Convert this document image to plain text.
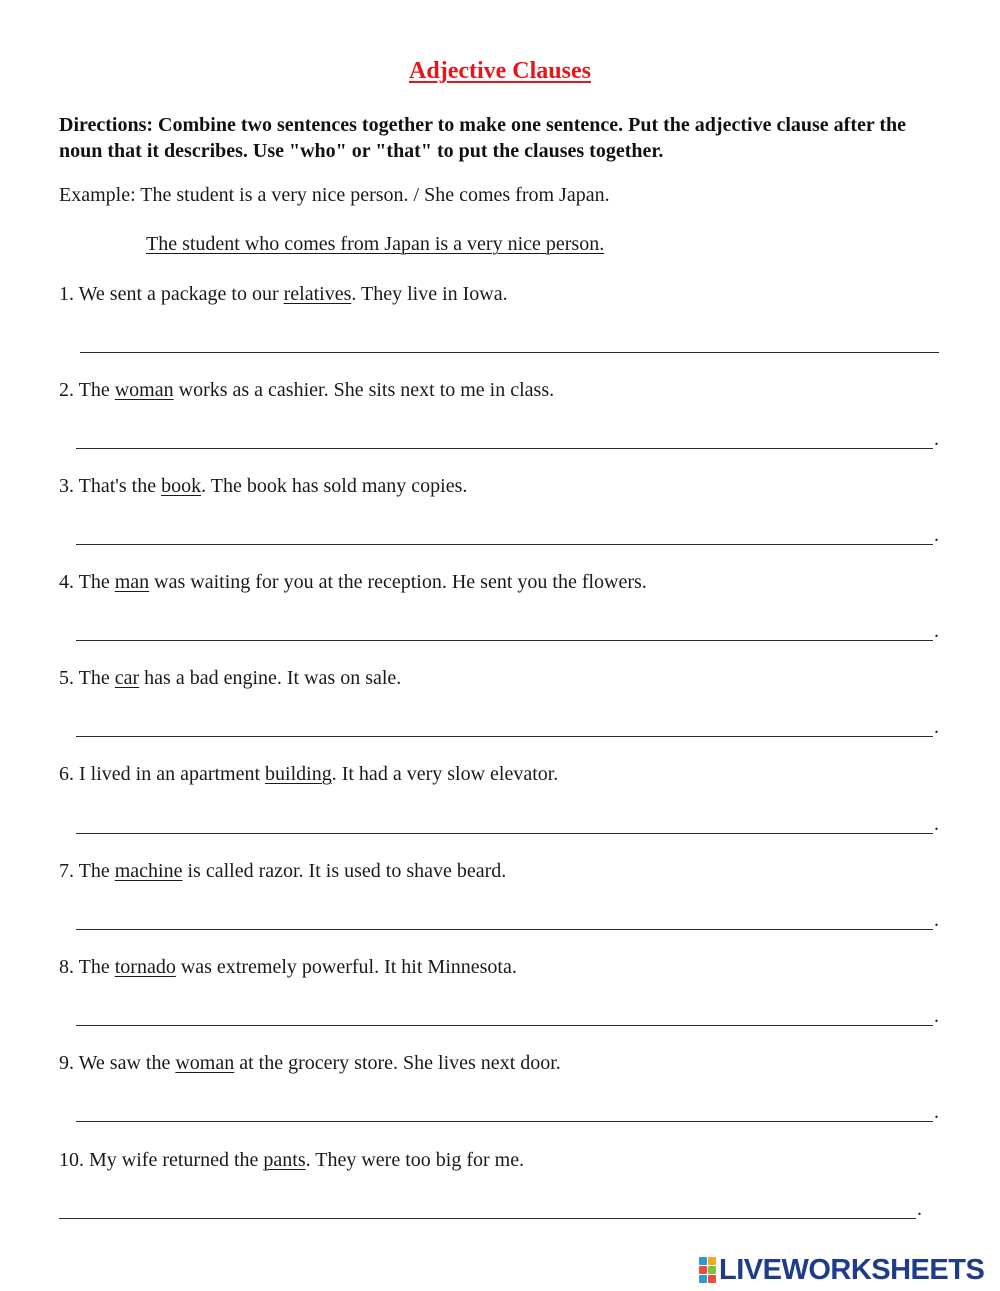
Adjective Clauses
Directions: Combine two sentences together to make one sentence. Put the adjective clause after the noun that it describes. Use "who" or "that" to put the clauses together.
Example: The student is a very nice person. / She comes from Japan.
The student who comes from Japan is a very nice person.
1. We sent a package to our relatives. They live in Iowa.
2. The woman works as a cashier. She sits next to me in class.
.
3. That's the book. The book has sold many copies.
.
4. The man was waiting for you at the reception. He sent you the flowers.
.
5. The car has a bad engine. It was on sale.
.
6. I lived in an apartment building. It had a very slow elevator.
.
7. The machine is called razor. It is used to shave beard.
.
8. The tornado was extremely powerful. It hit Minnesota.
.
9. We saw the woman at the grocery store. She lives next door.
.
10. My wife returned the pants. They were too big for me.
.
LIVEWORKSHEETS
